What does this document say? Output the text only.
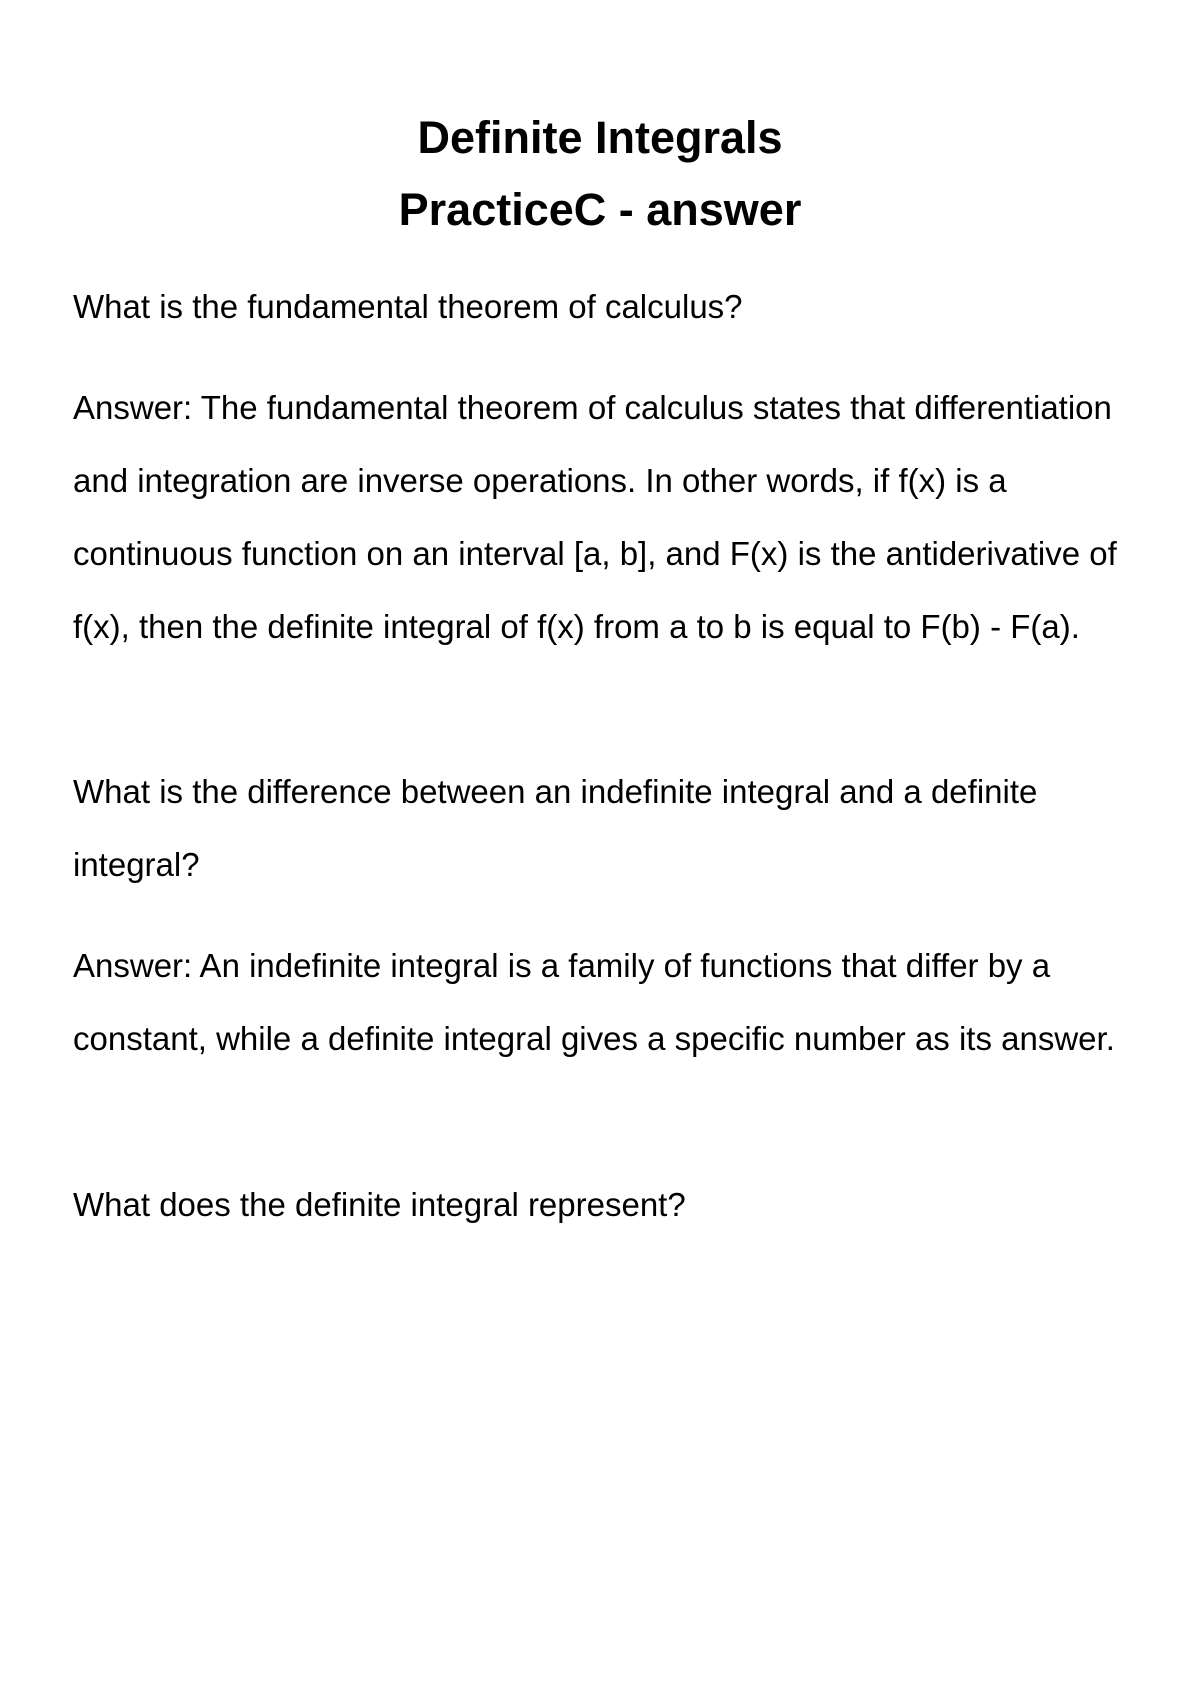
Definite Integrals
PracticeC - answer

What is the fundamental theorem of calculus?

Answer: The fundamental theorem of calculus states that differentiation and integration are inverse operations. In other words, if f(x) is a continuous function on an interval [a, b], and F(x) is the antiderivative of f(x), then the definite integral of f(x) from a to b is equal to F(b) - F(a).

What is the difference between an indefinite integral and a definite integral?

Answer: An indefinite integral is a family of functions that differ by a constant, while a definite integral gives a specific number as its answer.

What does the definite integral represent?
